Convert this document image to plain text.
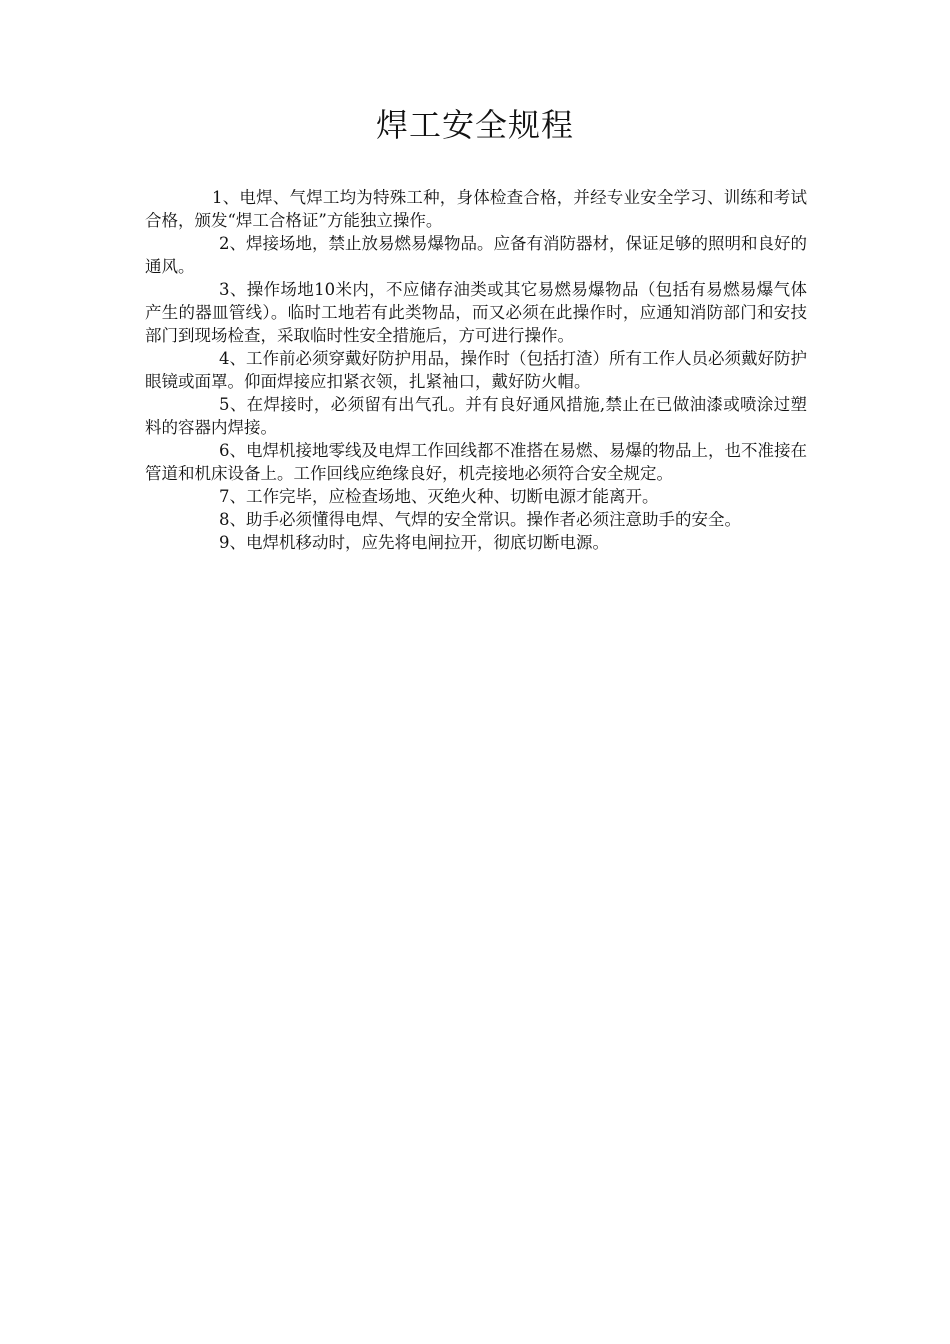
焊工安全规程

1、电焊、气焊工均为特殊工种，身体检查合格，并经专业安全学习、训练和考试合格，颁发“焊工合格证”方能独立操作。

2、焊接场地，禁止放易燃易爆物品。应备有消防器材，保证足够的照明和良好的通风。

3、操作场地10米内，不应储存油类或其它易燃易爆物品（包括有易燃易爆气体产生的器皿管线）。临时工地若有此类物品，而又必须在此操作时，应通知消防部门和安技部门到现场检查，采取临时性安全措施后，方可进行操作。

4、工作前必须穿戴好防护用品，操作时（包括打渣）所有工作人员必须戴好防护眼镜或面罩。仰面焊接应扣紧衣领，扎紧袖口，戴好防火帽。

5、在焊接时，必须留有出气孔。并有良好通风措施,禁止在已做油漆或喷涂过塑料的容器内焊接。

6、电焊机接地零线及电焊工作回线都不准搭在易燃、易爆的物品上，也不准接在管道和机床设备上。工作回线应绝缘良好，机壳接地必须符合安全规定。

7、工作完毕，应检查场地、灭绝火种、切断电源才能离开。

8、助手必须懂得电焊、气焊的安全常识。操作者必须注意助手的安全。

9、电焊机移动时，应先将电闸拉开，彻底切断电源。
